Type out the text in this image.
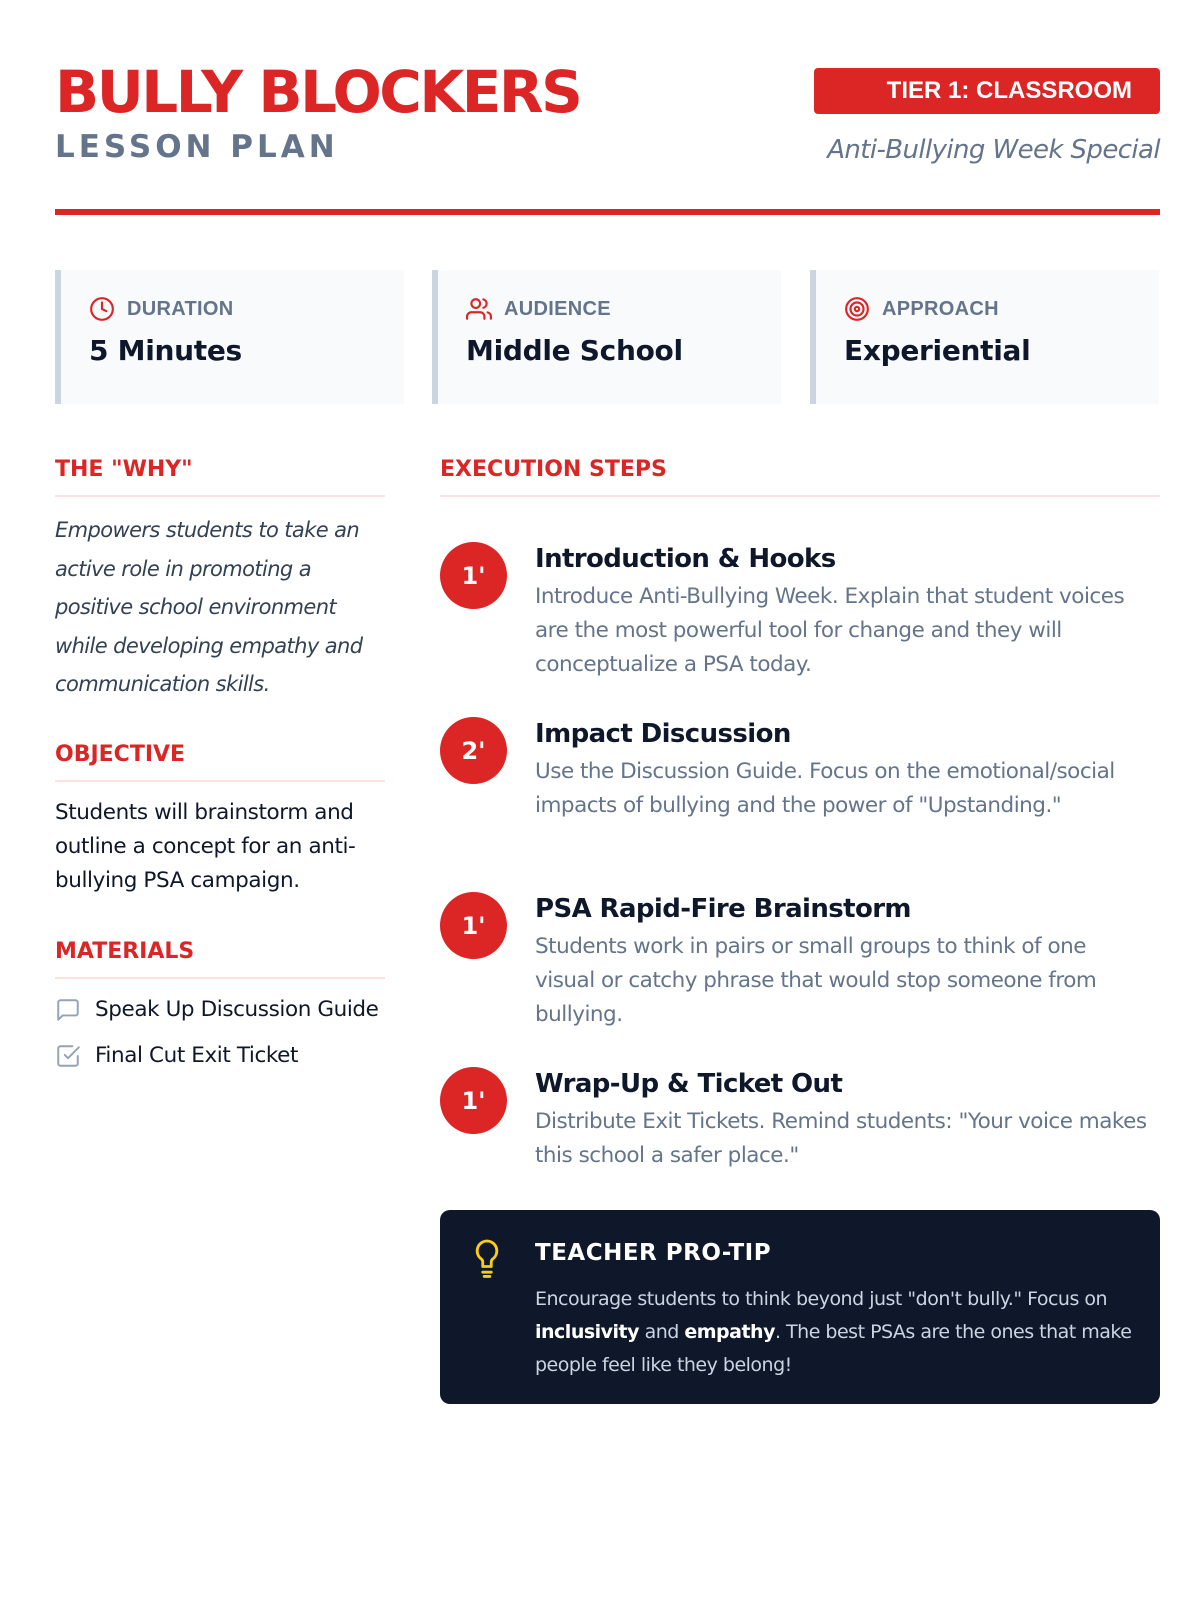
BULLY BLOCKERS
LESSON PLAN
TIER 1: CLASSROOM
Anti-Bullying Week Special
DURATION
5 Minutes
AUDIENCE
Middle School
APPROACH
Experiential
THE "WHY"
Empowers students to take an active role in promoting a positive school environment while developing empathy and communication skills.
OBJECTIVE
Students will brainstorm and outline a concept for an anti-bullying PSA campaign.
MATERIALS
Speak Up Discussion Guide
Final Cut Exit Ticket
EXECUTION STEPS
1'
Introduction & Hooks
Introduce Anti-Bullying Week. Explain that student voices are the most powerful tool for change and they will conceptualize a PSA today.
2'
Impact Discussion
Use the Discussion Guide. Focus on the emotional/social impacts of bullying and the power of "Upstanding."
1'
PSA Rapid-Fire Brainstorm
Students work in pairs or small groups to think of one visual or catchy phrase that would stop someone from bullying.
1'
Wrap-Up & Ticket Out
Distribute Exit Tickets. Remind students: "Your voice makes this school a safer place."
TEACHER PRO-TIP
Encourage students to think beyond just "don't bully." Focus on inclusivity and empathy. The best PSAs are the ones that make people feel like they belong!
